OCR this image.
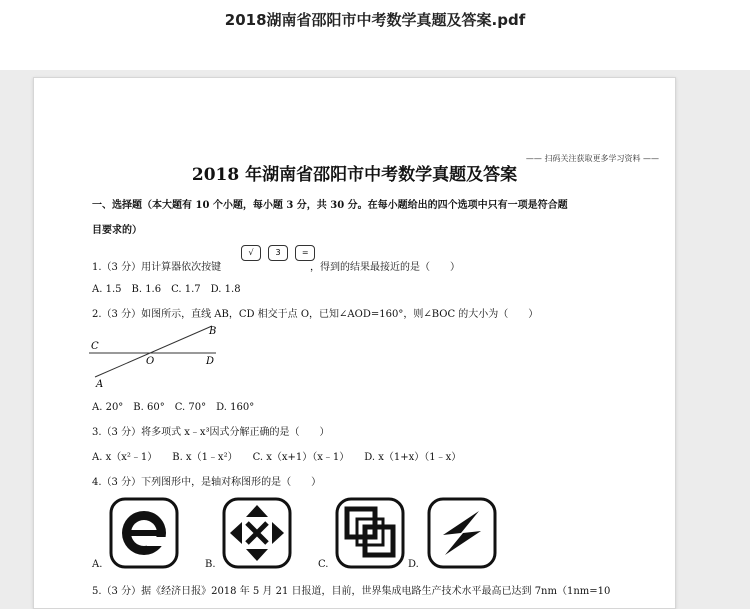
2018湖南省邵阳市中考数学真题及答案.pdf
—— 扫码关注获取更多学习资料 ——
2018 年湖南省邵阳市中考数学真题及答案
一、选择题（本大题有 10 个小题，每小题 3 分，共 30 分。在每小题给出的四个选项中只有一项是符合题
目要求的）
1.（3 分）用计算器依次按键
√
	3
	=
，得到的结果最接近的是（　　）
A. 1.5　B. 1.6　C. 1.7　D. 1.8
2.（3 分）如图所示，直线 AB，CD 相交于点 O，已知∠AOD=160°，则∠BOC 的大小为（　　）
B
C
O	D
A
A. 20°　B. 60°　C. 70°　D. 160°
3.（3 分）将多项式 x﹣x³因式分解正确的是（　　）
A. x（x²﹣1）　　B. x（1﹣x²）　　C. x（x+1）（x﹣1）　　D. x（1+x）（1﹣x）
4.（3 分）下列图形中，是轴对称图形的是（　　）
A.	B.	C.	D.
5.（3 分）据《经济日报》2018 年 5 月 21 日报道，目前，世界集成电路生产技术水平最高已达到 7nm（1nm=10
